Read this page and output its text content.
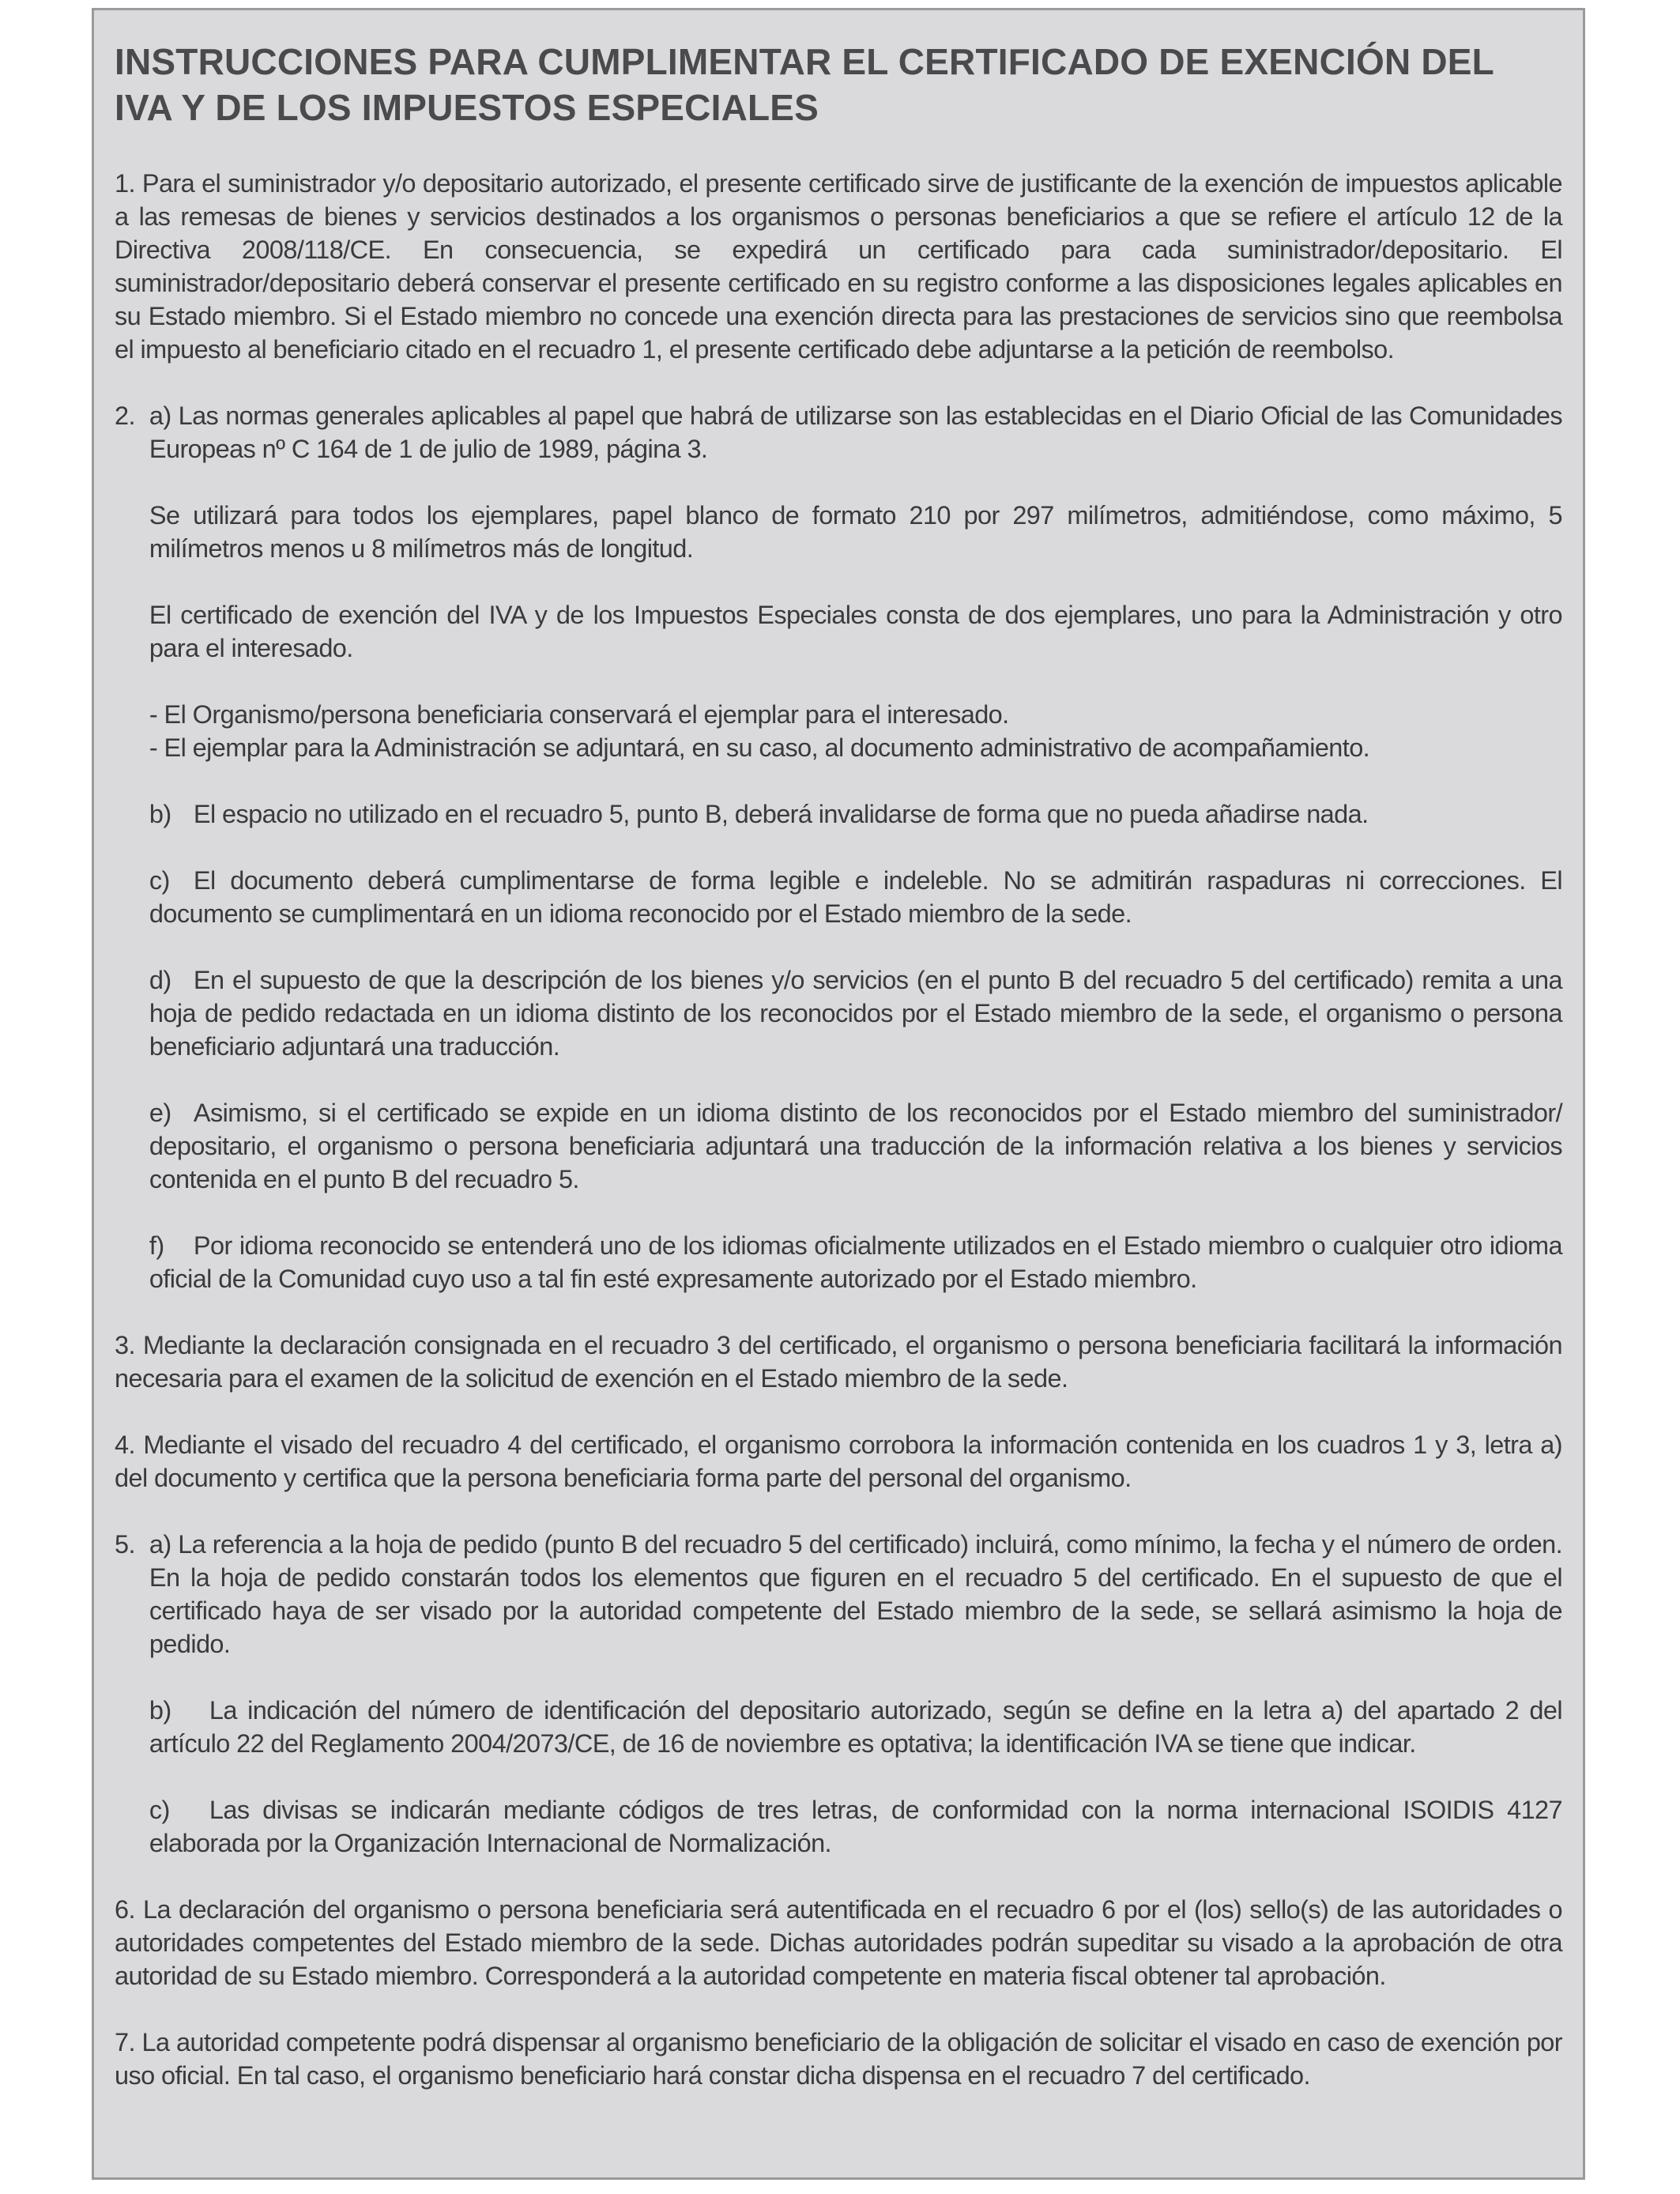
INSTRUCCIONES PARA CUMPLIMENTAR EL CERTIFICADO DE EXENCIÓN DEL
IVA Y DE LOS IMPUESTOS ESPECIALES

1. Para el suministrador y/o depositario autorizado, el presente certificado sirve de justificante de la exención de impuestos aplicable a las remesas de bienes y servicios destinados a los organismos o personas beneficiarios a que se refiere el artículo 12 de la Directiva 2008/118/CE. En consecuencia, se expedirá un certificado para cada suministrador/depositario. El suministrador/depositario deberá conservar el presente certificado en su registro conforme a las disposiciones legales aplicables en su Estado miembro. Si el Estado miembro no concede una exención directa para las prestaciones de servicios sino que reembolsa el impuesto al beneficiario citado en el recuadro 1, el presente certificado debe adjuntarse a la petición de reembolso.

2. a) Las normas generales aplicables al papel que habrá de utilizarse son las establecidas en el Diario Oficial de las Comunidades Europeas nº C 164 de 1 de julio de 1989, página 3.

Se utilizará para todos los ejemplares, papel blanco de formato 210 por 297 milímetros, admitiéndose, como máximo, 5 milímetros menos u 8 milímetros más de longitud.

El certificado de exención del IVA y de los Impuestos Especiales consta de dos ejemplares, uno para la Administración y otro para el interesado.

- El Organismo/persona beneficiaria conservará el ejemplar para el interesado.

- El ejemplar para la Administración se adjuntará, en su caso, al documento administrativo de acompañamiento.

b) El espacio no utilizado en el recuadro 5, punto B, deberá invalidarse de forma que no pueda añadirse nada.

c) El documento deberá cumplimentarse de forma legible e indeleble. No se admitirán raspaduras ni correcciones. El documento se cumplimentará en un idioma reconocido por el Estado miembro de la sede.

d) En el supuesto de que la descripción de los bienes y/o servicios (en el punto B del recuadro 5 del certificado) remita a una hoja de pedido redactada en un idioma distinto de los reconocidos por el Estado miembro de la sede, el organismo o persona beneficiario adjuntará una traducción.

e) Asimismo, si el certificado se expide en un idioma distinto de los reconocidos por el Estado miembro del suministrador/ depositario, el organismo o persona beneficiaria adjuntará una traducción de la información relativa a los bienes y servicios contenida en el punto B del recuadro 5.

f) Por idioma reconocido se entenderá uno de los idiomas oficialmente utilizados en el Estado miembro o cualquier otro idioma oficial de la Comunidad cuyo uso a tal fin esté expresamente autorizado por el Estado miembro.

3. Mediante la declaración consignada en el recuadro 3 del certificado, el organismo o persona beneficiaria facilitará la información necesaria para el examen de la solicitud de exención en el Estado miembro de la sede.

4. Mediante el visado del recuadro 4 del certificado, el organismo corrobora la información contenida en los cuadros 1 y 3, letra a) del documento y certifica que la persona beneficiaria forma parte del personal del organismo.

5. a) La referencia a la hoja de pedido (punto B del recuadro 5 del certificado) incluirá, como mínimo, la fecha y el número de orden. En la hoja de pedido constarán todos los elementos que figuren en el recuadro 5 del certificado. En el supuesto de que el certificado haya de ser visado por la autoridad competente del Estado miembro de la sede, se sellará asimismo la hoja de pedido.

b) La indicación del número de identificación del depositario autorizado, según se define en la letra a) del apartado 2 del artículo 22 del Reglamento 2004/2073/CE, de 16 de noviembre es optativa; la identificación IVA se tiene que indicar.

c) Las divisas se indicarán mediante códigos de tres letras, de conformidad con la norma internacional ISOIDIS 4127 elaborada por la Organización Internacional de Normalización.

6. La declaración del organismo o persona beneficiaria será autentificada en el recuadro 6 por el (los) sello(s) de las autoridades o autoridades competentes del Estado miembro de la sede. Dichas autoridades podrán supeditar su visado a la aprobación de otra autoridad de su Estado miembro. Corresponderá a la autoridad competente en materia fiscal obtener tal aprobación.

7. La autoridad competente podrá dispensar al organismo beneficiario de la obligación de solicitar el visado en caso de exención por uso oficial. En tal caso, el organismo beneficiario hará constar dicha dispensa en el recuadro 7 del certificado.
